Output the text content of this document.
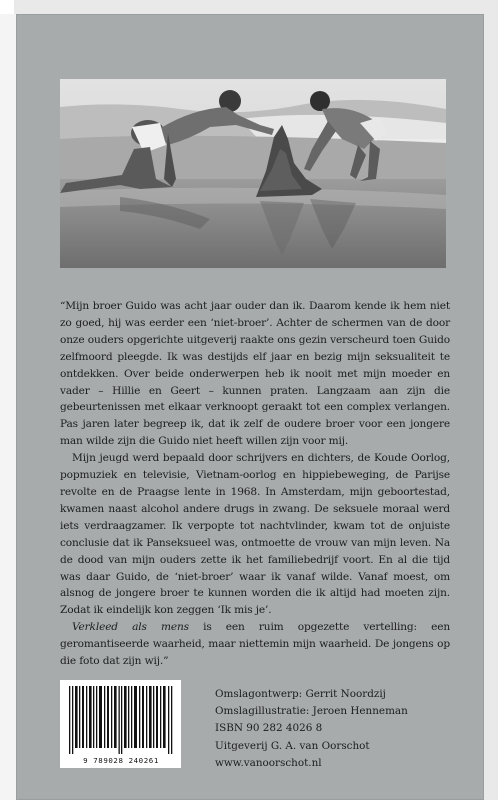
“Mijn broer Guido was acht jaar ouder dan ik. Daarom kende ik hem niet zo goed, hij was eerder een ‘niet-broer’. Achter de schermen van de door onze ouders opgerichte uitgeverij raakte ons gezin verscheurd toen Guido zelfmoord pleegde. Ik was destijds elf jaar en bezig mijn seksualiteit te ontdekken. Over beide onderwerpen heb ik nooit met mijn moeder en vader – Hillie en Geert – kunnen praten. Langzaam aan zijn die gebeurtenissen met elkaar verknoopt geraakt tot een complex verlangen. Pas jaren later begreep ik, dat ik zelf de oudere broer voor een jongere man wilde zijn die Guido niet heeft willen zijn voor mij.

Mijn jeugd werd bepaald door schrijvers en dichters, de Koude Oorlog, popmuziek en televisie, Vietnam-oorlog en hippiebeweging, de Parijse revolte en de Praagse lente in 1968. In Amsterdam, mijn geboortestad, kwamen naast alcohol andere drugs in zwang. De seksuele moraal werd iets verdraagzamer. Ik verpopte tot nachtvlinder, kwam tot de onjuiste conclusie dat ik Panseksueel was, ontmoette de vrouw van mijn leven. Na de dood van mijn ouders zette ik het familiebedrijf voort. En al die tijd was daar Guido, de ‘niet-broer’ waar ik vanaf wilde. Vanaf moest, om alsnog de jongere broer te kunnen worden die ik altijd had moeten zijn. Zodat ik eindelijk kon zeggen ‘Ik mis je’.

Verkleed als mens is een ruim opgezette vertelling: een geromantiseerde waarheid, maar niettemin mijn waarheid. De jongens op die foto dat zijn wij.”

9 789028 240261
Omslagontwerp: Gerrit Noordzij
Omslagillustratie: Jeroen Henneman
ISBN 90 282 4026 8
Uitgeverij G. A. van Oorschot
www.vanoorschot.nl
